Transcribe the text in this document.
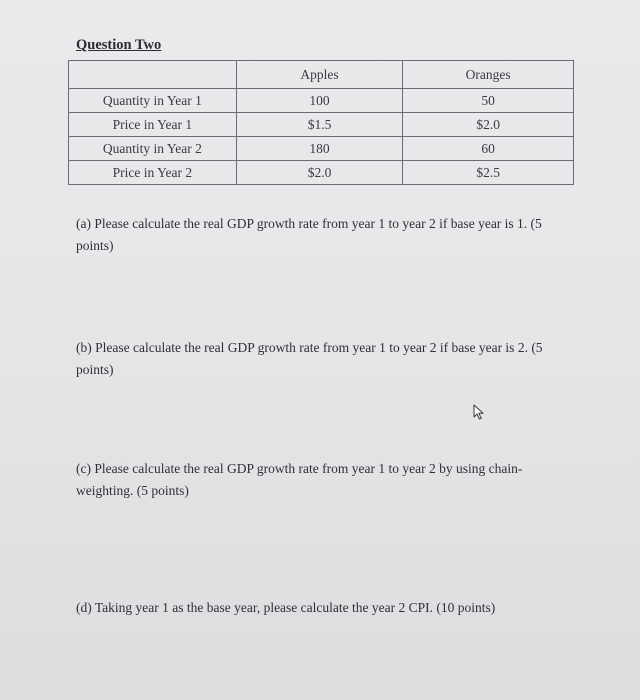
Question Two
	Apples	Oranges
Quantity in Year 1	100	50
Price in Year 1	$1.5	$2.0
Quantity in Year 2	180	60
Price in Year 2	$2.0	$2.5
(a) Please calculate the real GDP growth rate from year 1 to year 2 if base year is 1. (5 points)
(b) Please calculate the real GDP growth rate from year 1 to year 2 if base year is 2. (5 points)
(c) Please calculate the real GDP growth rate from year 1 to year 2 by using chain-weighting. (5 points)
(d) Taking year 1 as the base year, please calculate the year 2 CPI. (10 points)
